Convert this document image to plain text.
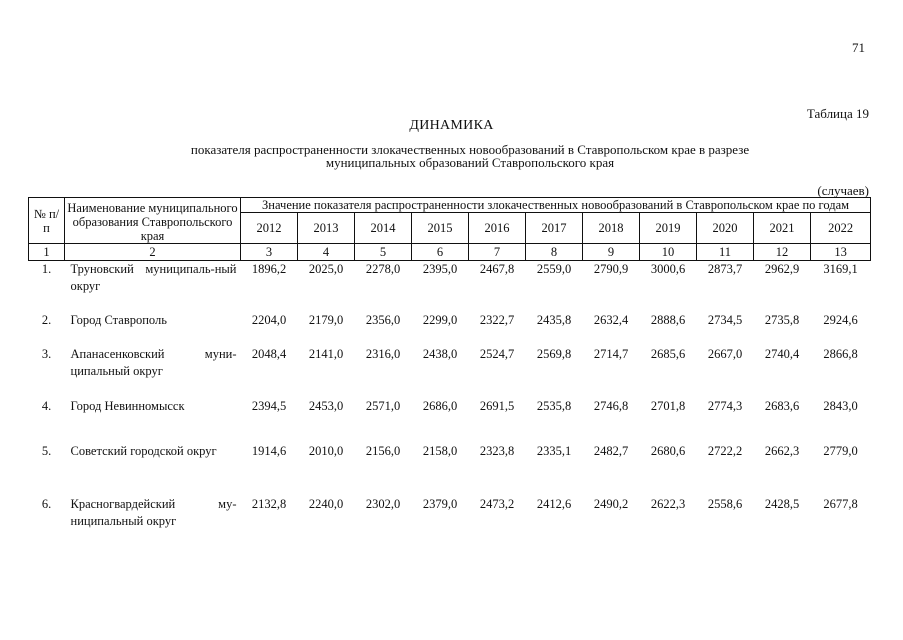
71
Таблица 19
ДИНАМИКА
показателя распространенности злокачественных новообразований в Ставропольском крае в разрезе
муниципальных образований Ставропольского края
(случаев)
№ п/п	Наименование муниципального образования Ставропольского края	Значение показателя распространенности злокачественных новообразований в Ставропольском крае по годам										
		2012	2013	2014	2015	2016	2017	2018	2019	2020	2021	2022
1	2	3	4	5	6	7	8	9	10	11	12	13
1.	Труновский муниципаль-ный округ	1896,2	2025,0	2278,0	2395,0	2467,8	2559,0	2790,9	3000,6	2873,7	2962,9	3169,1
2.	Город Ставрополь	2204,0	2179,0	2356,0	2299,0	2322,7	2435,8	2632,4	2888,6	2734,5	2735,8	2924,6
3.	Апанасенковский муни-ципальный округ	2048,4	2141,0	2316,0	2438,0	2524,7	2569,8	2714,7	2685,6	2667,0	2740,4	2866,8
4.	Город Невинномысск	2394,5	2453,0	2571,0	2686,0	2691,5	2535,8	2746,8	2701,8	2774,3	2683,6	2843,0
5.	Советский городской округ	1914,6	2010,0	2156,0	2158,0	2323,8	2335,1	2482,7	2680,6	2722,2	2662,3	2779,0
6.	Красногвардейский му-ниципальный округ	2132,8	2240,0	2302,0	2379,0	2473,2	2412,6	2490,2	2622,3	2558,6	2428,5	2677,8
